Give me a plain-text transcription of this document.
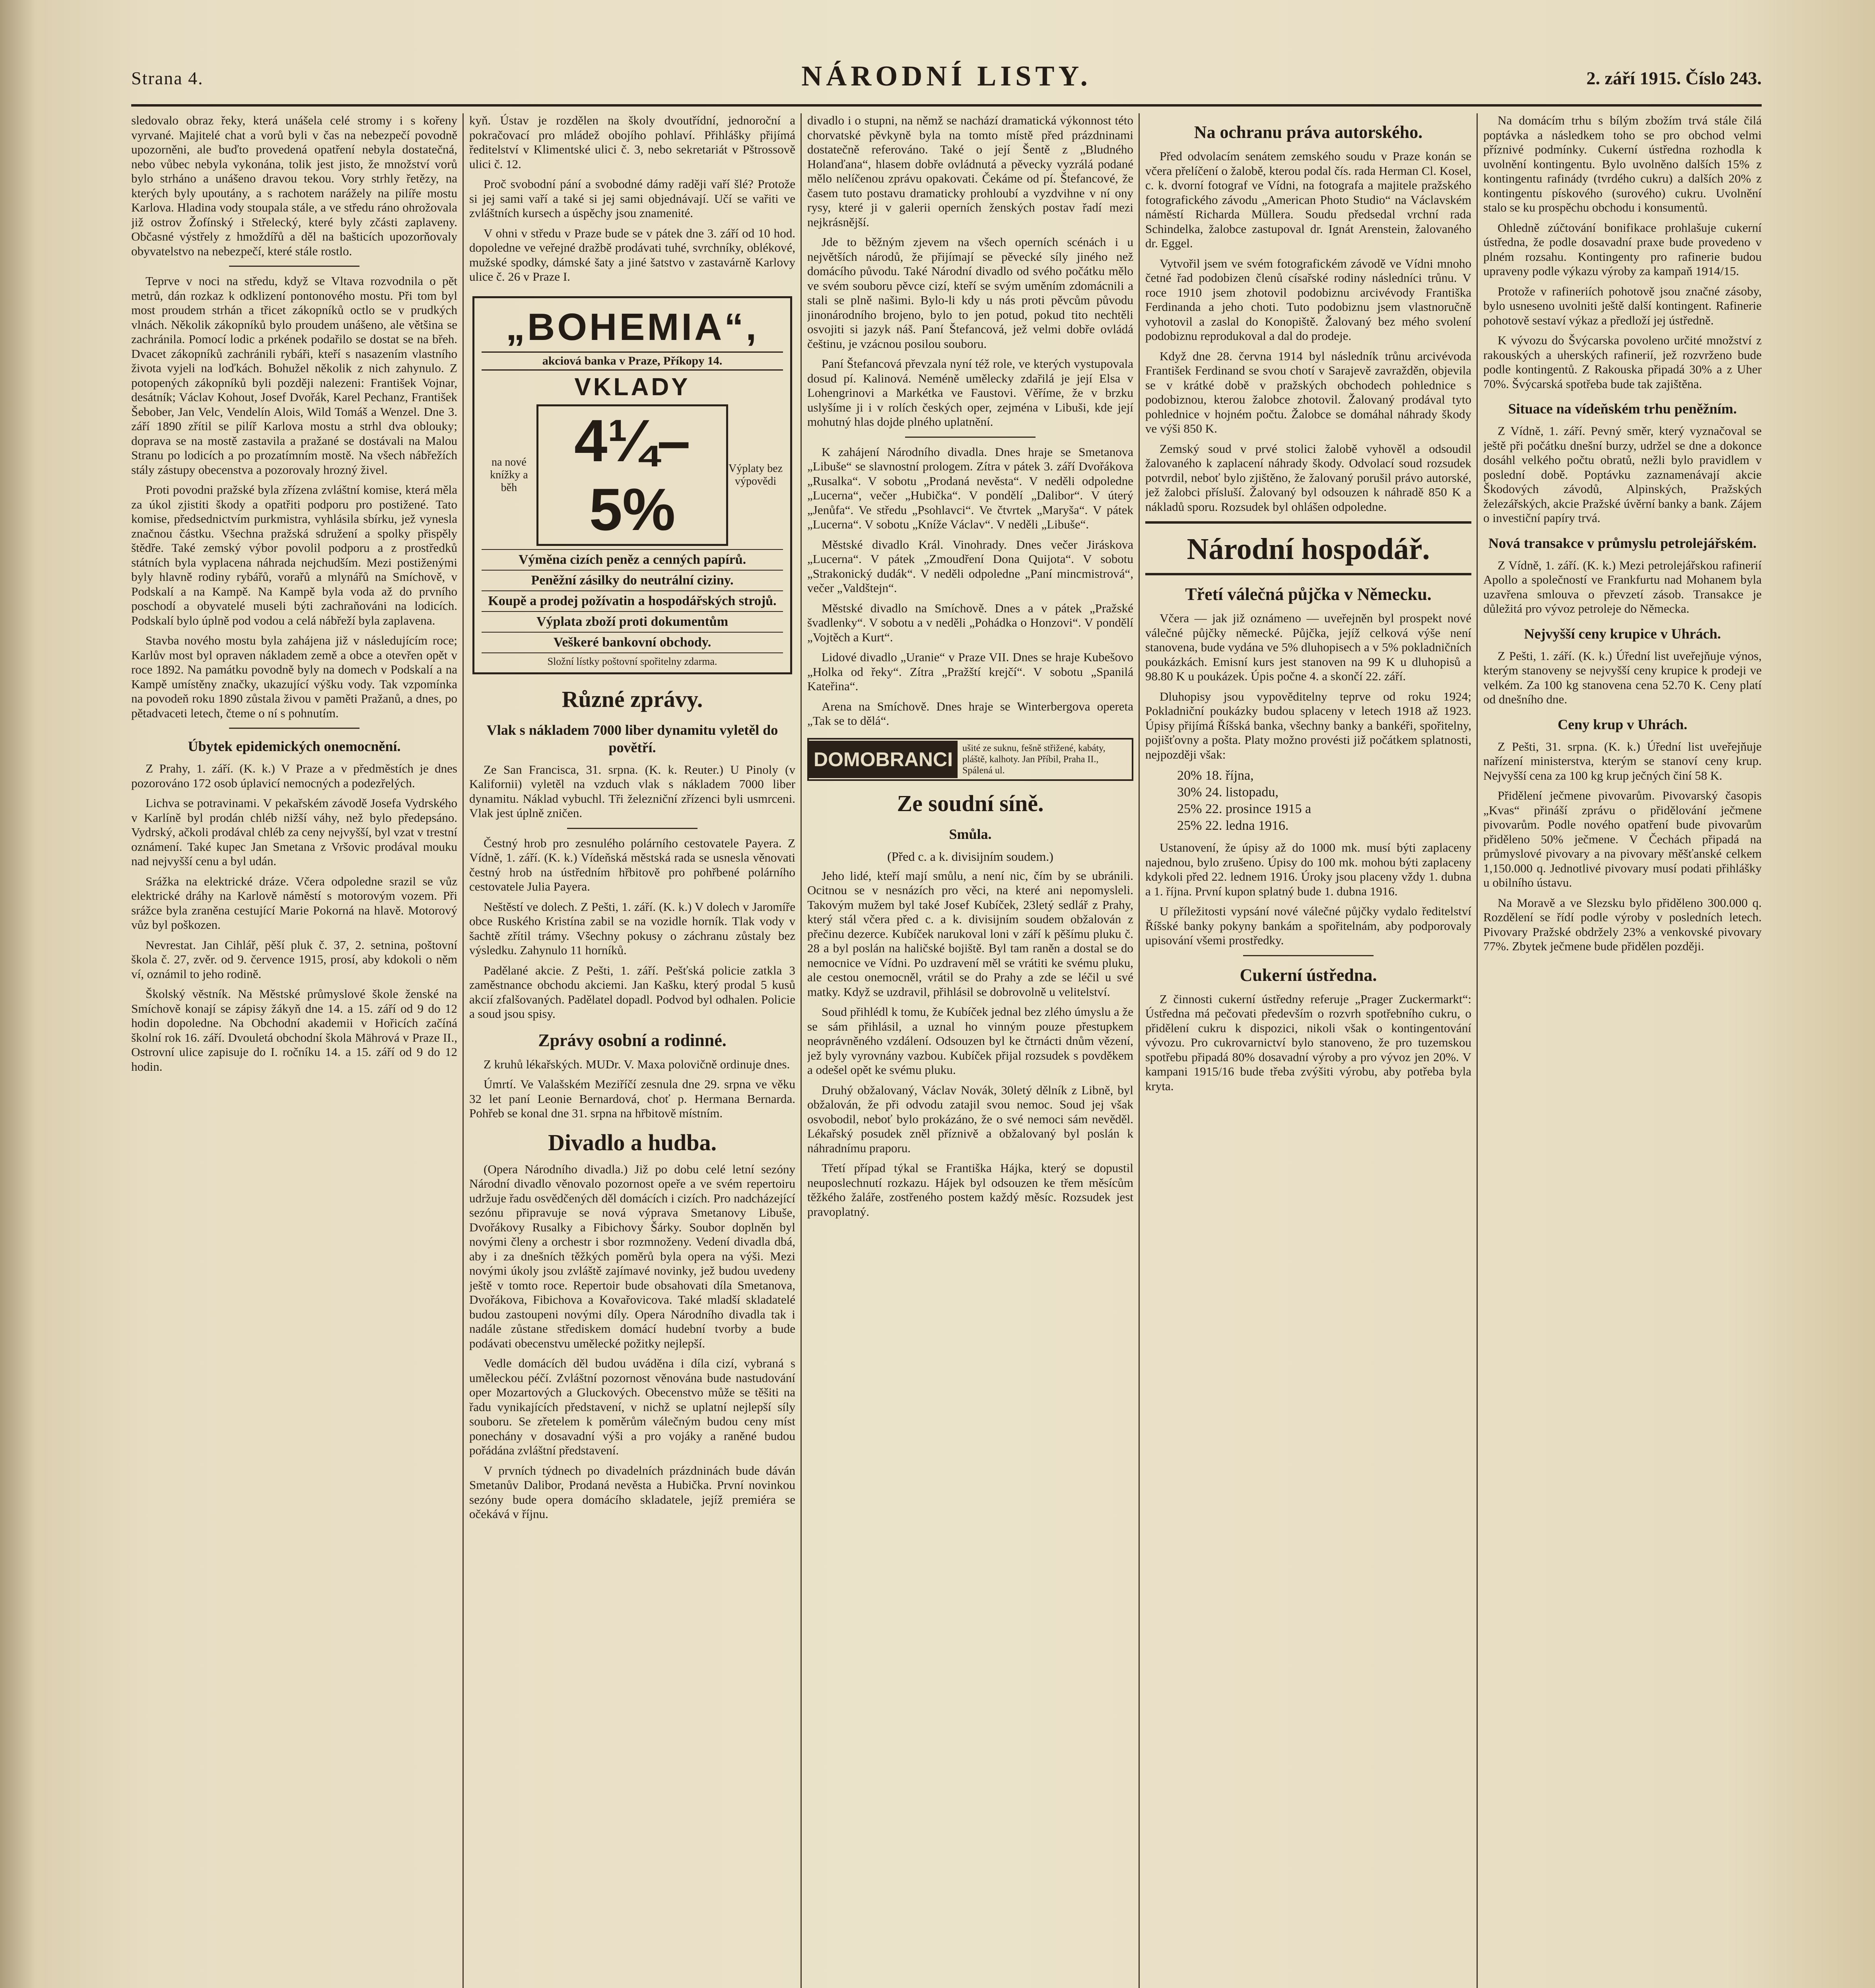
Strana 4.	NÁRODNÍ LISTY.	2. září 1915. Číslo 243.

sledovalo obraz řeky, která unášela celé stromy i s kořeny vyrvané. Majitelé chat a vorů byli v čas na nebezpečí povodně upozorněni, ale buďto provedená opatření nebyla dostatečná, nebo vůbec nebyla vykonána, tolik jest jisto, že množství vorů bylo strháno a unášeno dravou tekou. Vory strhly řetězy, na kterých byly upoutány, a s rachotem narážely na pilíře mostu Karlova. Hladina vody stoupala stále, a ve středu ráno ohrožovala již ostrov Žofínský i Střelecký, které byly zčásti zaplaveny. Občasné výstřely z hmoždířů a děl na bašticích upozorňovaly obyvatelstvo na nebezpečí, které stále rostlo.

Teprve v noci na středu, když se Vltava rozvodnila o pět metrů, dán rozkaz k odklizení pontonového mostu. Při tom byl most proudem strhán a třicet zákopníků octlo se v prudkých vlnách. Několik zákopníků bylo proudem unášeno, ale většina se zachránila. Pomocí lodic a prkének podařilo se dostat se na břeh. Dvacet zákopníků zachránili rybáři, kteří s nasazením vlastního života vyjeli na loďkách. Bohužel několik z nich zahynulo. Z potopených zákopníků byli později nalezeni: František Vojnar, desátník; Václav Kohout, Josef Dvořák, Karel Pechanz, František Šebober, Jan Velc, Vendelín Alois, Wild Tomáš a Wenzel. Dne 3. září 1890 zřítil se pilíř Karlova mostu a strhl dva oblouky; doprava se na mostě zastavila a pražané se dostávali na Malou Stranu po lodicích a po prozatímním mostě. Na všech nábřežích stály zástupy obecenstva a pozorovaly hrozný živel.

Proti povodni pražské byla zřízena zvláštní komise, která měla za úkol zjistiti škody a opatřiti podporu pro postižené. Tato komise, předsednictvím purkmistra, vyhlásila sbírku, jež vynesla značnou částku. Všechna pražská sdružení a spolky přispěly štědře. Také zemský výbor povolil podporu a z prostředků státních byla vyplacena náhrada nejchudším. Mezi postiženými byly hlavně rodiny rybářů, vorařů a mlynářů na Smíchově, v Podskalí a na Kampě. Na Kampě byla voda až do prvního poschodí a obyvatelé museli býti zachraňováni na lodicích. Podskalí bylo úplně pod vodou a celá nábřeží byla zaplavena.

Stavba nového mostu byla zahájena již v následujícím roce; Karlův most byl opraven nákladem země a obce a otevřen opět v roce 1892. Na památku povodně byly na domech v Podskalí a na Kampě umístěny značky, ukazující výšku vody. Tak vzpomínka na povodeň roku 1890 zůstala živou v paměti Pražanů, a dnes, po pětadvaceti letech, čteme o ní s pohnutím.

Úbytek epidemických onemocnění.

Z Prahy, 1. září. (K. k.) V Praze a v předměstích je dnes pozorováno 172 osob úplavicí nemocných a podezřelých.

Lichva se potravinami. V pekařském závodě Josefa Vydrského v Karlíně byl prodán chléb nižší váhy, než bylo předepsáno. Vydrský, ačkoli prodával chléb za ceny nejvyšší, byl vzat v trestní oznámení. Také kupec Jan Smetana z Vršovic prodával mouku nad nejvyšší cenu a byl udán.

Srážka na elektrické dráze. Včera odpoledne srazil se vůz elektrické dráhy na Karlově náměstí s motorovým vozem. Při srážce byla zraněna cestující Marie Pokorná na hlavě. Motorový vůz byl poškozen.

Nevrestat. Jan Cihlář, pěší pluk č. 37, 2. setnina, poštovní škola č. 27, zvěr. od 9. července 1915, prosí, aby kdokoli o něm ví, oznámil to jeho rodině.

Školský věstník. Na Městské průmyslové škole ženské na Smíchově konají se zápisy žákyň dne 14. a 15. září od 9 do 12 hodin dopoledne. Na Obchodní akademii v Hořicích začíná školní rok 16. září. Dvouletá obchodní škola Mährová v Praze II., Ostrovní ulice zapisuje do I. ročníku 14. a 15. září od 9 do 12 hodin.

kyň. Ústav je rozdělen na školy dvoutřídní, jednoroční a pokračovací pro mládež obojího pohlaví. Přihlášky přijímá ředitelství v Klimentské ulici č. 3, nebo sekretariát v Pštrossově ulici č. 12.

Proč svobodní pání a svobodné dámy raději vaří šlé? Protože si jej sami vaří a také si jej sami objednávají. Učí se vařiti ve zvláštních kursech a úspěchy jsou znamenité.

V ohni v středu v Praze bude se v pátek dne 3. září od 10 hod. dopoledne ve veřejné dražbě prodávati tuhé, svrchníky, oblékové, mužské spodky, dámské šaty a jiné šatstvo v zastavárně Karlovy ulice č. 26 v Praze I.

„BOHEMIA“,
akciová banka v Praze, Příkopy 14.
VKLADY
na nové knížky a běh
4¼–5%
Výplaty bez výpovědi
Výměna cizích peněz a cenných papírů.
Peněžní zásilky do neutrální ciziny.
Koupě a prodej požívatin a hospodářských strojů.
Výplata zboží proti dokumentům
Veškeré bankovní obchody.
Složní lístky poštovní spořitelny zdarma.
Různé zprávy.
Vlak s nákladem 7000 liber dynamitu vyletěl do povětří.

Ze San Francisca, 31. srpna. (K. k. Reuter.) U Pinoly (v Kalifornii) vyletěl na vzduch vlak s nákladem 7000 liber dynamitu. Náklad vybuchl. Tři železniční zřízenci byli usmrceni. Vlak jest úplně zničen.

Čestný hrob pro zesnulého polárního cestovatele Payera. Z Vídně, 1. září. (K. k.) Vídeňská městská rada se usnesla věnovati čestný hrob na ústředním hřbitově pro pohřbené polárního cestovatele Julia Payera.

Neštěstí ve dolech. Z Pešti, 1. září. (K. k.) V dolech v Jaromíře obce Ruského Kristína zabil se na vozidle horník. Tlak vody v šachtě zřítil trámy. Všechny pokusy o záchranu zůstaly bez výsledku. Zahynulo 11 horníků.

Padělané akcie. Z Pešti, 1. září. Pešťská policie zatkla 3 zaměstnance obchodu akciemi. Jan Kašku, který prodal 5 kusů akcií zfalšovaných. Padělatel dopadl. Podvod byl odhalen. Policie a soud jsou spisy.

Zprávy osobní a rodinné.

Z kruhů lékařských. MUDr. V. Maxa polovičně ordinuje dnes.

Úmrtí. Ve Valašském Meziříčí zesnula dne 29. srpna ve věku 32 let paní Leonie Bernardová, choť p. Hermana Bernarda. Pohřeb se konal dne 31. srpna na hřbitově místním.

Divadlo a hudba.

(Opera Národního divadla.) Již po dobu celé letní sezóny Národní divadlo věnovalo pozornost opeře a ve svém repertoiru udržuje řadu osvědčených děl domácích i cizích. Pro nadcházející sezónu připravuje se nová výprava Smetanovy Libuše, Dvořákovy Rusalky a Fibichovy Šárky. Soubor doplněn byl novými členy a orchestr i sbor rozmnoženy. Vedení divadla dbá, aby i za dnešních těžkých poměrů byla opera na výši. Mezi novými úkoly jsou zvláště zajímavé novinky, jež budou uvedeny ještě v tomto roce. Repertoir bude obsahovati díla Smetanova, Dvořákova, Fibichova a Kovařovicova. Také mladší skladatelé budou zastoupeni novými díly. Opera Národního divadla tak i nadále zůstane střediskem domácí hudební tvorby a bude podávati obecenstvu umělecké požitky nejlepší.

Vedle domácích děl budou uváděna i díla cizí, vybraná s uměleckou péčí. Zvláštní pozornost věnována bude nastudování oper Mozartových a Gluckových. Obecenstvo může se těšiti na řadu vynikajících představení, v nichž se uplatní nejlepší síly souboru. Se zřetelem k poměrům válečným budou ceny míst ponechány v dosavadní výši a pro vojáky a raněné budou pořádána zvláštní představení.

V prvních týdnech po divadelních prázdninách bude dáván Smetanův Dalibor, Prodaná nevěsta a Hubička. První novinkou sezóny bude opera domácího skladatele, jejíž premiéra se očekává v říjnu.

divadlo i o stupni, na němž se nachází dramatická výkonnost této chorvatské pěvkyně byla na tomto místě před prázdninami dostatečně referováno. Také o její Šentě z „Bludného Holanďana“, hlasem dobře ovládnutá a pěvecky vyzrálá podané mělo nelíčenou zprávu opakovati. Čekáme od pí. Štefancové, že časem tuto postavu dramaticky prohloubí a vyzdvihne v ní ony rysy, které ji v galerii operních ženských postav řadí mezi nejkrásnější.

Jde to běžným zjevem na všech operních scénách i u největších národů, že přijímají se pěvecké síly jiného než domácího původu. Také Národní divadlo od svého počátku mělo ve svém souboru pěvce cizí, kteří se svým uměním zdomácnili a stali se plně našimi. Bylo-li kdy u nás proti pěvcům původu jinonárodního brojeno, bylo to jen potud, pokud tito nechtěli osvojiti si jazyk náš. Paní Štefancová, jež velmi dobře ovládá češtinu, je vzácnou posilou souboru.

Paní Štefancová převzala nyní též role, ve kterých vystupovala dosud pí. Kalinová. Neméně umělecky zdařilá je její Elsa v Lohengrinovi a Markétka ve Faustovi. Věříme, že v brzku uslyšíme ji i v rolích českých oper, zejména v Libuši, kde její mohutný hlas dojde plného uplatnění.

K zahájení Národního divadla. Dnes hraje se Smetanova „Libuše“ se slavnostní prologem. Zítra v pátek 3. září Dvořákova „Rusalka“. V sobotu „Prodaná nevěsta“. V neděli odpoledne „Lucerna“, večer „Hubička“. V pondělí „Dalibor“. V úterý „Jenůfa“. Ve středu „Psohlavci“. Ve čtvrtek „Maryša“. V pátek „Lucerna“. V sobotu „Kníže Václav“. V neděli „Libuše“.

Městské divadlo Král. Vinohrady. Dnes večer Jiráskova „Lucerna“. V pátek „Zmoudření Dona Quijota“. V sobotu „Strakonický dudák“. V neděli odpoledne „Paní mincmistrová“, večer „Valdštejn“.

Městské divadlo na Smíchově. Dnes a v pátek „Pražské švadlenky“. V sobotu a v neděli „Pohádka o Honzovi“. V pondělí „Vojtěch a Kurt“.

Lidové divadlo „Uranie“ v Praze VII. Dnes se hraje Kubešovo „Holka od řeky“. Zítra „Pražští krejčí“. V sobotu „Spanilá Kateřina“.

Arena na Smíchově. Dnes hraje se Winterbergova opereta „Tak se to dělá“.

DOMOBRANCI	ušité ze suknu, fešně střižené, kabáty, pláště, kalhoty. Jan Příbil, Praha II., Spálená ul.
Ze soudní síně.
Smůla.
(Před c. a k. divisijním soudem.)

Jeho lidé, kteří mají smůlu, a není nic, čím by se ubránili. Ocitnou se v nesnázích pro věci, na které ani nepomysleli. Takovým mužem byl také Josef Kubíček, 23letý sedlář z Prahy, který stál včera před c. a k. divisijním soudem obžalován z přečinu dezerce. Kubíček narukoval loni v září k pěšímu pluku č. 28 a byl poslán na haličské bojiště. Byl tam raněn a dostal se do nemocnice ve Vídni. Po uzdravení měl se vrátiti ke svému pluku, ale cestou onemocněl, vrátil se do Prahy a zde se léčil u své matky. Když se uzdravil, přihlásil se dobrovolně u velitelství.

Soud přihlédl k tomu, že Kubíček jednal bez zlého úmyslu a že se sám přihlásil, a uznal ho vinným pouze přestupkem neoprávněného vzdálení. Odsouzen byl ke čtrnácti dnům vězení, jež byly vyrovnány vazbou. Kubíček přijal rozsudek s povděkem a odešel opět ke svému pluku.

Druhý obžalovaný, Václav Novák, 30letý dělník z Libně, byl obžalován, že při odvodu zatajil svou nemoc. Soud jej však osvobodil, neboť bylo prokázáno, že o své nemoci sám nevěděl. Lékařský posudek zněl příznivě a obžalovaný byl poslán k náhradnímu praporu.

Třetí případ týkal se Františka Hájka, který se dopustil neuposlechnutí rozkazu. Hájek byl odsouzen ke třem měsícům těžkého žaláře, zostřeného postem každý měsíc. Rozsudek jest pravoplatný.

Na ochranu práva autorského.

Před odvolacím senátem zemského soudu v Praze konán se včera přelíčení o žalobě, kterou podal čís. rada Herman Cl. Kosel, c. k. dvorní fotograf ve Vídni, na fotografa a majitele pražského fotografického závodu „American Photo Studio“ na Václavském náměstí Richarda Müllera. Soudu předsedal vrchní rada Schindelka, žalobce zastupoval dr. Ignát Arenstein, žalovaného dr. Eggel.

Vytvořil jsem ve svém fotografickém závodě ve Vídni mnoho četné řad podobizen členů císařské rodiny následníci trůnu. V roce 1910 jsem zhotovil podobiznu arcivévody Františka Ferdinanda a jeho choti. Tuto podobiznu jsem vlastnoručně vyhotovil a zaslal do Konopiště. Žalovaný bez mého svolení podobiznu reprodukoval a dal do prodeje.

Když dne 28. června 1914 byl následník trůnu arcivévoda František Ferdinand se svou chotí v Sarajevě zavražděn, objevila se v krátké době v pražských obchodech pohlednice s podobiznou, kterou žalobce zhotovil. Žalovaný prodával tyto pohlednice v hojném počtu. Žalobce se domáhal náhrady škody ve výši 850 K.

Zemský soud v prvé stolici žalobě vyhověl a odsoudil žalovaného k zaplacení náhrady škody. Odvolací soud rozsudek potvrdil, neboť bylo zjištěno, že žalovaný porušil právo autorské, jež žalobci přísluší. Žalovaný byl odsouzen k náhradě 850 K a nákladů sporu. Rozsudek byl ohlášen odpoledne.

Národní hospodář.
Třetí válečná půjčka v Německu.

Včera — jak již oznámeno — uveřejněn byl prospekt nové válečné půjčky německé. Půjčka, jejíž celková výše není stanovena, bude vydána ve 5% dluhopisech a v 5% pokladničních poukázkách. Emisní kurs jest stanoven na 99 K u dluhopisů a 98.80 K u poukázek. Úpis počne 4. a skončí 22. září.

Dluhopisy jsou vypověditelny teprve od roku 1924; Pokladniční poukázky budou splaceny v letech 1918 až 1923. Úpisy přijímá Říšská banka, všechny banky a bankéři, spořitelny, pojišťovny a pošta. Platy možno provésti již počátkem splatnosti, nejpozději však:

20% 18. října,
30% 24. listopadu,
25% 22. prosince 1915 a
25% 22. ledna 1916.

Ustanovení, že úpisy až do 1000 mk. musí býti zaplaceny najednou, bylo zrušeno. Úpisy do 100 mk. mohou býti zaplaceny kdykoli před 22. lednem 1916. Úroky jsou placeny vždy 1. dubna a 1. října. První kupon splatný bude 1. dubna 1916.

U příležitosti vypsání nové válečné půjčky vydalo ředitelství Říšské banky pokyny bankám a spořitelnám, aby podporovaly upisování všemi prostředky.

Cukerní ústředna.

Z činnosti cukerní ústředny referuje „Prager Zuckermarkt“: Ústředna má pečovati především o rozvrh spotřebního cukru, o přidělení cukru k dispozici, nikoli však o kontingentování vývozu. Pro cukrovarnictví bylo stanoveno, že pro tuzemskou spotřebu připadá 80% dosavadní výroby a pro vývoz jen 20%. V kampani 1915/16 bude třeba zvýšiti výrobu, aby potřeba byla kryta.

Na domácím trhu s bílým zbožím trvá stále čilá poptávka a následkem toho se pro obchod velmi příznivé podmínky. Cukerní ústředna rozhodla k uvolnění kontingentu. Bylo uvolněno dalších 15% z kontingentu rafinády (tvrdého cukru) a dalších 20% z kontingentu pískového (surového) cukru. Uvolnění stalo se ku prospěchu obchodu i konsumentů.

Ohledně zúčtování bonifikace prohlašuje cukerní ústředna, že podle dosavadní praxe bude provedeno v plném rozsahu. Kontingenty pro rafinerie budou upraveny podle výkazu výroby za kampaň 1914/15.

Protože v rafineriích pohotově jsou značné zásoby, bylo usneseno uvolniti ještě další kontingent. Rafinerie pohotově sestaví výkaz a předloží jej ústředně.

K vývozu do Švýcarska povoleno určité množství z rakouských a uherských rafinerií, jež rozvrženo bude podle kontingentů. Z Rakouska připadá 30% a z Uher 70%. Švýcarská spotřeba bude tak zajištěna.

Situace na vídeňském trhu peněžním.

Z Vídně, 1. září. Pevný směr, který vyznačoval se ještě při počátku dnešní burzy, udržel se dne a dokonce dosáhl velkého počtu obratů, nežli bylo pravidlem v poslední době. Poptávku zaznamenávají akcie Škodových závodů, Alpinských, Pražských železářských, akcie Pražské úvěrní banky a bank. Zájem o investiční papíry trvá.

Nová transakce v průmyslu petrolejářském.

Z Vídně, 1. září. (K. k.) Mezi petrolejářskou rafinerií Apollo a společností ve Frankfurtu nad Mohanem byla uzavřena smlouva o převzetí zásob. Transakce je důležitá pro vývoz petroleje do Německa.

Nejvyšší ceny krupice v Uhrách.

Z Pešti, 1. září. (K. k.) Úřední list uveřejňuje výnos, kterým stanoveny se nejvyšší ceny krupice k prodeji ve velkém. Za 100 kg stanovena cena 52.70 K. Ceny platí od dnešního dne.

Ceny krup v Uhrách.

Z Pešti, 31. srpna. (K. k.) Úřední list uveřejňuje nařízení ministerstva, kterým se stanoví ceny krup. Nejvyšší cena za 100 kg krup ječných činí 58 K.

Přidělení ječmene pivovarům. Pivovarský časopis „Kvas“ přináší zprávu o přidělování ječmene pivovarům. Podle nového opatření bude pivovarům přiděleno 50% ječmene. V Čechách připadá na průmyslové pivovary a na pivovary měšťanské celkem 1,150.000 q. Jednotlivé pivovary musí podati přihlášky u obilního ústavu.

Na Moravě a ve Slezsku bylo přiděleno 300.000 q. Rozdělení se řídí podle výroby v posledních letech. Pivovary Pražské obdržely 23% a venkovské pivovary 77%. Zbytek ječmene bude přidělen později.
